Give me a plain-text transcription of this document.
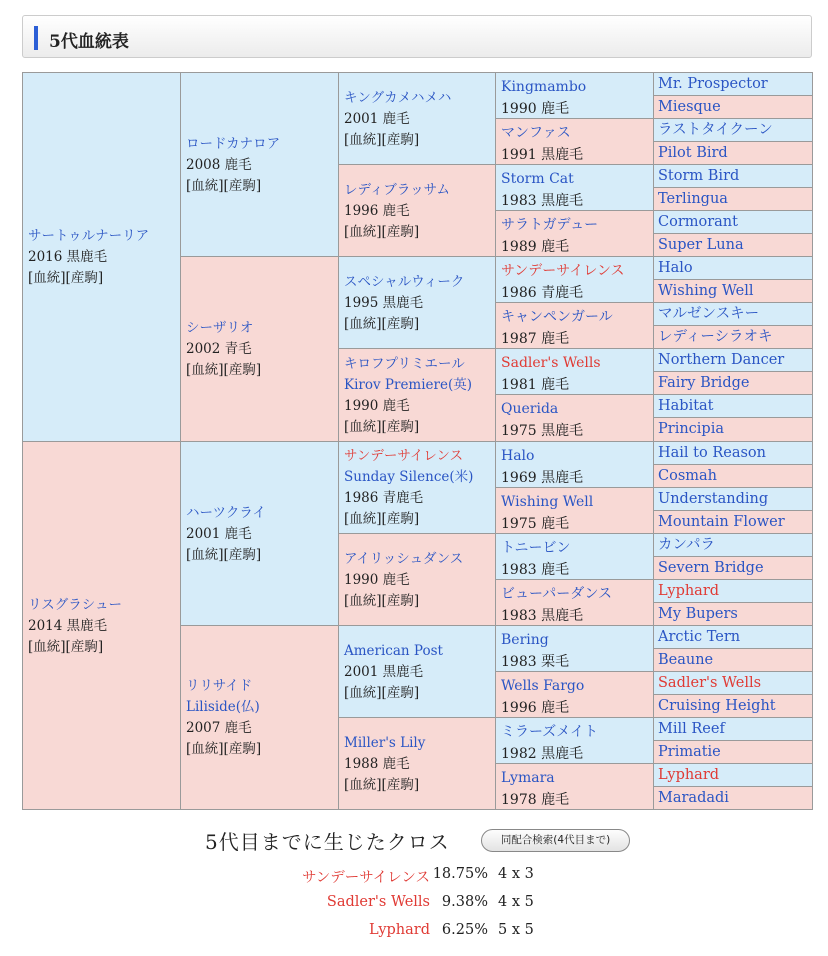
5代血統表
サートゥルナーリア
2016 黒鹿毛
[血統][産駒]
リスグラシュー
2014 黒鹿毛
[血統][産駒]
ロードカナロア
2008 鹿毛
[血統][産駒]
シーザリオ
2002 青毛
[血統][産駒]
ハーツクライ
2001 鹿毛
[血統][産駒]
リリサイド
Liliside(仏)
2007 鹿毛
[血統][産駒]
キングカメハメハ
2001 鹿毛
[血統][産駒]
レディブラッサム
1996 鹿毛
[血統][産駒]
スペシャルウィーク
1995 黒鹿毛
[血統][産駒]
キロフプリミエール
Kirov Premiere(英)
1990 鹿毛
[血統][産駒]
サンデーサイレンス
Sunday Silence(米)
1986 青鹿毛
[血統][産駒]
アイリッシュダンス
1990 鹿毛
[血統][産駒]
American Post
2001 黒鹿毛
[血統][産駒]
Miller's Lily
1988 鹿毛
[血統][産駒]
Kingmambo
1990 鹿毛
マンファス
1991 黒鹿毛
Storm Cat
1983 黒鹿毛
サラトガデュー
1989 鹿毛
サンデーサイレンス
1986 青鹿毛
キャンペンガール
1987 鹿毛
Sadler's Wells
1981 鹿毛
Querida
1975 黒鹿毛
Halo
1969 黒鹿毛
Wishing Well
1975 鹿毛
トニービン
1983 鹿毛
ビューパーダンス
1983 黒鹿毛
Bering
1983 栗毛
Wells Fargo
1996 鹿毛
ミラーズメイト
1982 黒鹿毛
Lymara
1978 鹿毛
Mr. Prospector
Miesque
ラストタイクーン
Pilot Bird
Storm Bird
Terlingua
Cormorant
Super Luna
Halo
Wishing Well
マルゼンスキー
レディーシラオキ
Northern Dancer
Fairy Bridge
Habitat
Principia
Hail to Reason
Cosmah
Understanding
Mountain Flower
カンパラ
Severn Bridge
Lyphard
My Bupers
Arctic Tern
Beaune
Sadler's Wells
Cruising Height
Mill Reef
Primatie
Lyphard
Maradadi
5代目までに生じたクロス	同配合検索(4代目まで)
サンデーサイレンス 18.75% 4 x 3
Sadler's Wells 9.38% 4 x 5
Lyphard 6.25% 5 x 5
